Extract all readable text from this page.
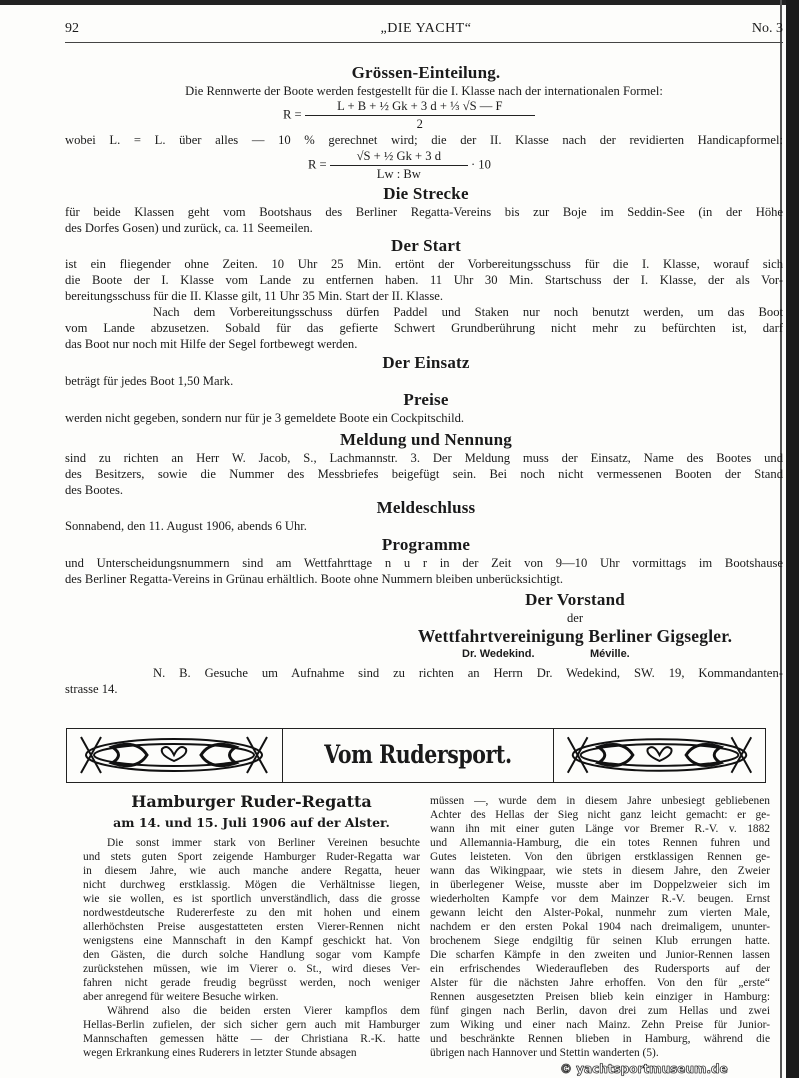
92	„DIE YACHT“	No. 3
Grössen-Einteilung.
Die Rennwerte der Boote werden festgestellt für die I. Klasse nach der internationalen Formel:
$R = \frac{\text{L + B + ½ Gk + 3 d + ⅓ √S — F}}{2}$
wobei L. = L. über alles — 10 % gerechnet wird; die der II. Klasse nach der revidierten Handicapformel:
$R = \frac{\text{√S + ½ Gk + 3 d}}{Lw : Bw} \cdot 10$
Die Strecke
für beide Klassen geht vom Bootshaus des Berliner Regatta-Vereins bis zur Boje im Seddin-See (in der Höhe
des Dorfes Gosen) und zurück, ca. 11 Seemeilen.
Der Start
ist ein fliegender ohne Zeiten. 10 Uhr 25 Min. ertönt der Vorbereitungsschuss für die I. Klasse, worauf sich
die Boote der I. Klasse vom Lande zu entfernen haben. 11 Uhr 30 Min. Startschuss der I. Klasse, der als Vor-
bereitungsschuss für die II. Klasse gilt, 11 Uhr 35 Min. Start der II. Klasse.
Nach dem Vorbereitungsschuss dürfen Paddel und Staken nur noch benutzt werden, um das Boot
vom Lande abzusetzen. Sobald für das gefierte Schwert Grundberührung nicht mehr zu befürchten ist, darf
das Boot nur noch mit Hilfe der Segel fortbewegt werden.
Der Einsatz
beträgt für jedes Boot 1,50 Mark.
Preise
werden nicht gegeben, sondern nur für je 3 gemeldete Boote ein Cockpitschild.
Meldung und Nennung
sind zu richten an Herr W. Jacob, S., Lachmannstr. 3. Der Meldung muss der Einsatz, Name des Bootes und
des Besitzers, sowie die Nummer des Messbriefes beigefügt sein. Bei noch nicht vermessenen Booten der Stand
des Bootes.
Meldeschluss
Sonnabend, den 11. August 1906, abends 6 Uhr.
Programme
und Unterscheidungsnummern sind am Wettfahrttage n u r in der Zeit von 9—10 Uhr vormittags im Bootshause
des Berliner Regatta-Vereins in Grünau erhältlich. Boote ohne Nummern bleiben unberücksichtigt.
Der Vorstand
der
Wettfahrtvereinigung Berliner Gigsegler.
Dr. Wedekind.	Méville.
N. B. Gesuche um Aufnahme sind zu richten an Herrn Dr. Wedekind, SW. 19, Kommandanten-
strasse 14.
Vom Rudersport.
Hamburger Ruder-Regatta
am 14. und 15. Juli 1906 auf der Alster.
Die sonst immer stark von Berliner Vereinen besuchte
und stets guten Sport zeigende Hamburger Ruder-Regatta war
in diesem Jahre, wie auch manche andere Regatta, heuer
nicht durchweg erstklassig. Mögen die Verhältnisse liegen,
wie sie wollen, es ist sportlich unverständlich, dass die grosse
nordwestdeutsche Rudererfeste zu den mit hohen und einem
allerhöchsten Preise ausgestatteten ersten Vierer-Rennen nicht
wenigstens eine Mannschaft in den Kampf geschickt hat. Von
den Gästen, die durch solche Handlung sogar vom Kampfe
zurückstehen müssen, wie im Vierer o. St., wird dieses Ver-
fahren nicht gerade freudig begrüsst werden, noch weniger
aber anregend für weitere Besuche wirken.
Während also die beiden ersten Vierer kampflos dem
Hellas-Berlin zufielen, der sich sicher gern auch mit Hamburger
Mannschaften gemessen hätte — der Christiana R.-K. hatte
wegen Erkrankung eines Ruderers in letzter Stunde absagen
müssen —, wurde dem in diesem Jahre unbesiegt gebliebenen
Achter des Hellas der Sieg nicht ganz leicht gemacht: er ge-
wann ihn mit einer guten Länge vor Bremer R.-V. v. 1882
und Allemannia-Hamburg, die ein totes Rennen fuhren und
Gutes leisteten. Von den übrigen erstklassigen Rennen ge-
wann das Wikingpaar, wie stets in diesem Jahre, den Zweier
in überlegener Weise, musste aber im Doppelzweier sich im
wiederholten Kampfe vor dem Mainzer R.-V. beugen. Ernst
gewann leicht den Alster-Pokal, nunmehr zum vierten Male,
nachdem er den ersten Pokal 1904 nach dreimaligem, ununter-
brochenem Siege endgiltig für seinen Klub errungen hatte.
Die scharfen Kämpfe in den zweiten und Junior-Rennen lassen
ein erfrischendes Wiederaufleben des Rudersports auf der
Alster für die nächsten Jahre erhoffen. Von den für „erste“
Rennen ausgesetzten Preisen blieb kein einziger in Hamburg:
fünf gingen nach Berlin, davon drei zum Hellas und zwei
zum Wiking und einer nach Mainz. Zehn Preise für Junior-
und beschränkte Rennen blieben in Hamburg, während die
übrigen nach Hannover und Stettin wanderten (5).
© yachtsportmuseum.de
